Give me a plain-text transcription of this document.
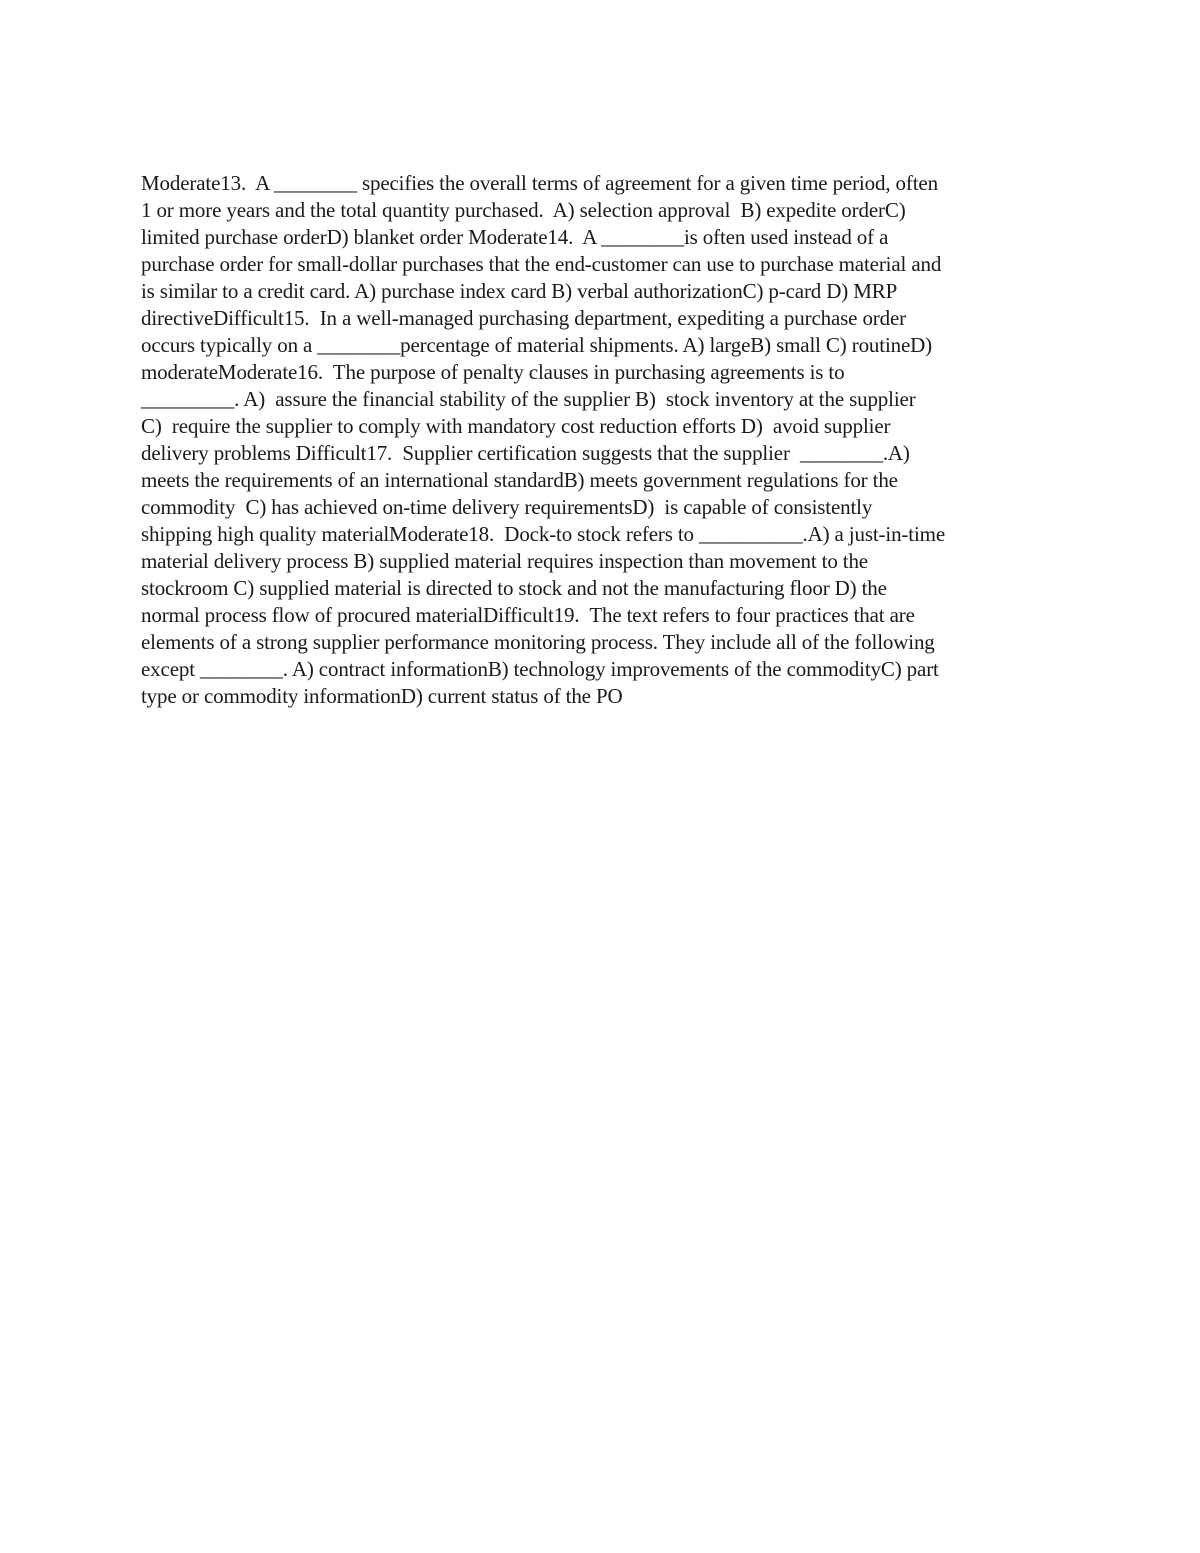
Moderate13.  A ________ specifies the overall terms of agreement for a given time period, often
1 or more years and the total quantity purchased.  A) selection approval  B) expedite orderC)
limited purchase orderD) blanket order Moderate14.  A ________is often used instead of a
purchase order for small-dollar purchases that the end-customer can use to purchase material and
is similar to a credit card. A) purchase index card B) verbal authorizationC) p-card D) MRP
directiveDifficult15.  In a well-managed purchasing department, expediting a purchase order
occurs typically on a ________percentage of material shipments. A) largeB) small C) routineD)
moderateModerate16.  The purpose of penalty clauses in purchasing agreements is to
_________. A)  assure the financial stability of the supplier B)  stock inventory at the supplier
C)  require the supplier to comply with mandatory cost reduction efforts D)  avoid supplier
delivery problems Difficult17.  Supplier certification suggests that the supplier  ________.A)
meets the requirements of an international standardB) meets government regulations for the
commodity  C) has achieved on-time delivery requirementsD)  is capable of consistently
shipping high quality materialModerate18.  Dock-to stock refers to __________.A) a just-in-time
material delivery process B) supplied material requires inspection than movement to the
stockroom C) supplied material is directed to stock and not the manufacturing floor D) the
normal process flow of procured materialDifficult19.  The text refers to four practices that are
elements of a strong supplier performance monitoring process. They include all of the following
except ________. A) contract informationB) technology improvements of the commodityC) part
type or commodity informationD) current status of the PO
